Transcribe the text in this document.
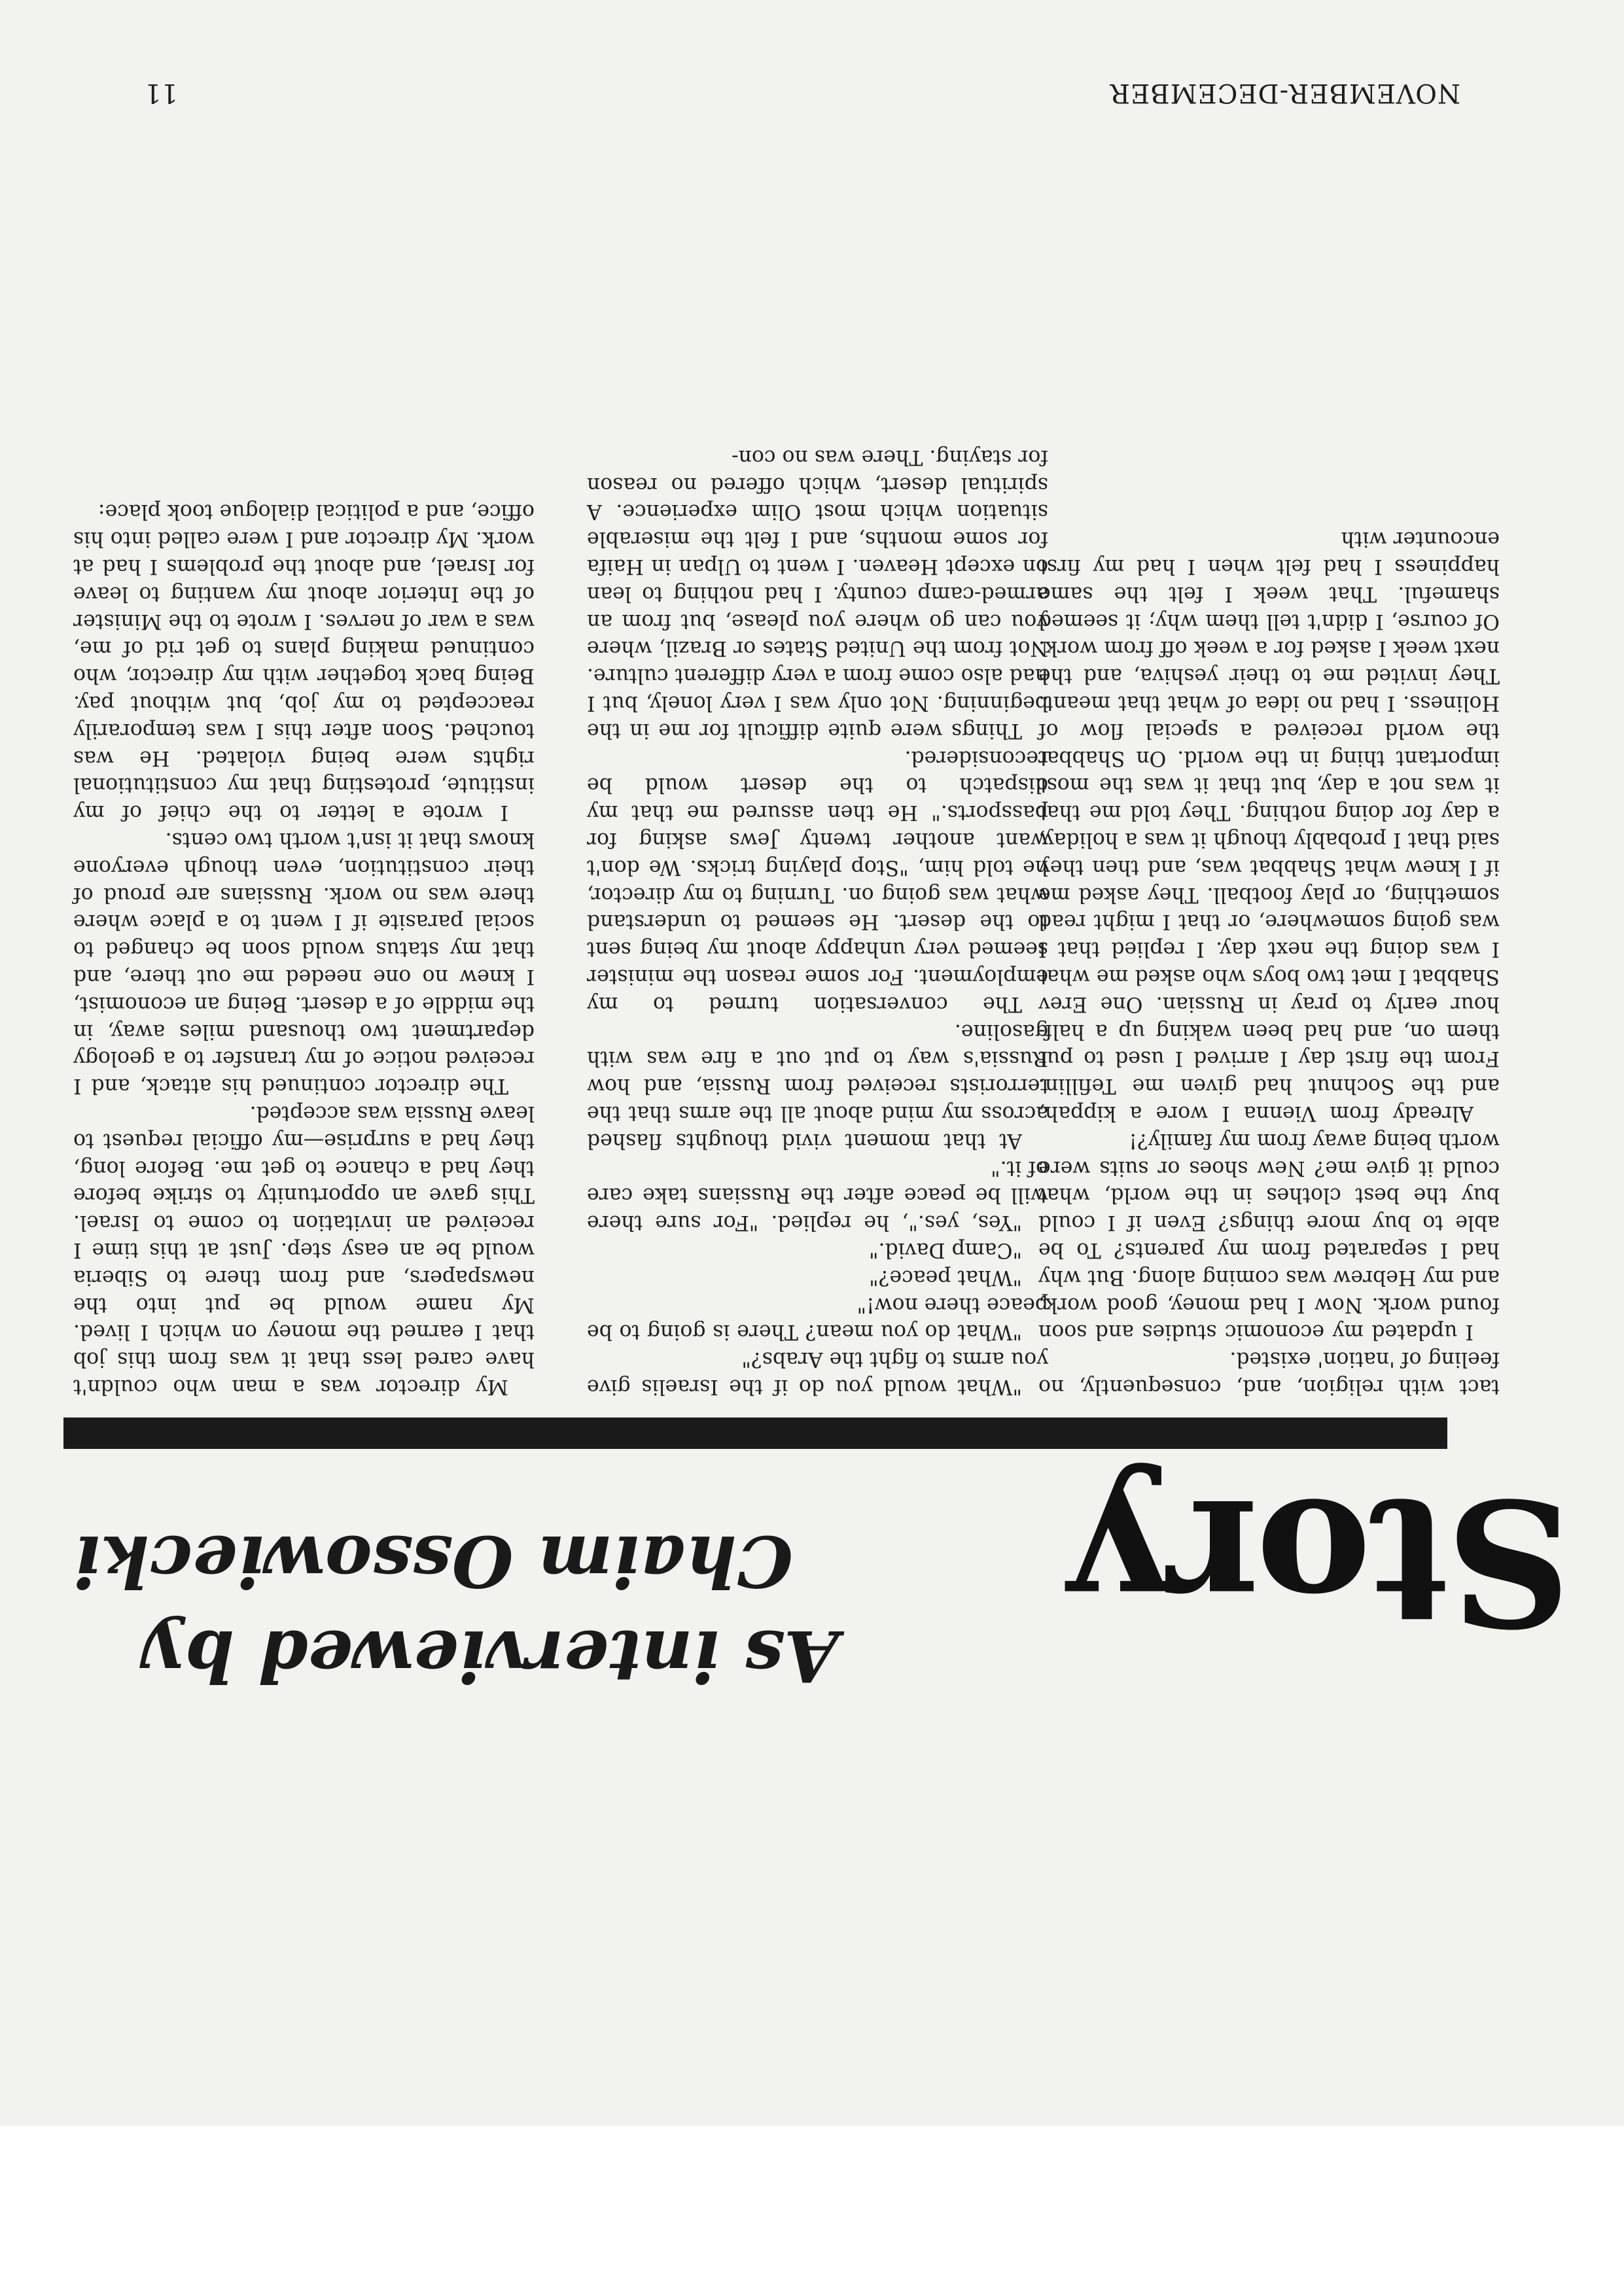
NOVEMBER-DECEMBER
11
Story
As interviewed by
Chaim Ossowiecki

My director was a man who couldn't have cared less that it was from this job that I earned the money on which I lived. My name would be put into the newspapers, and from there to Siberia would be an easy step. Just at this time I received an invitation to come to Israel. This gave an opportunity to strike before they had a chance to get me. Before long, they had a surprise—my official request to leave Russia was accepted.

The director continued his attack, and I received notice of my transfer to a geology department two thousand miles away, in the middle of a desert. Being an economist, I knew no one needed me out there, and that my status would soon be changed to social parasite if I went to a place where there was no work. Russians are proud of their constitution, even though everyone knows that it isn't worth two cents.

I wrote a letter to the chief of my institute, protesting that my constitutional rights were being violated. He was touched. Soon after this I was temporarily reaccepted to my job, but without pay. Being back together with my director, who continued making plans to get rid of me, was a war of nerves. I wrote to the Minister of the Interior about my wanting to leave for Israel, and about the problems I had at work. My director and I were called into his office, and a political dialogue took place:

"What would you do if the Israelis give you arms to fight the Arabs?"

"What do you mean? There is going to be peace there now!"

"What peace?"

"Camp David."

"Yes, yes.", he replied. "For sure there will be peace after the Russians take care of it."

At that moment vivid thoughts flashed across my mind about all the arms that the terrorists received from Russia, and how Russia's way to put out a fire was with gasoline.

The conversation turned to my employment. For some reason the minister seemed very unhappy about my being sent to the desert. He seemed to understand what was going on. Turning to my director, he told him, "Stop playing tricks. We don't want another twenty Jews asking for passports." He then assured me that my dispatch to the desert would be reconsidered.

Things were quite difficult for me in the beginning. Not only was I very lonely, but I had also come from a very different culture. Not from the United States or Brazil, where you can go where you please, but from an armed-camp county. I had nothing to lean on except Heaven. I went to Ulpan in Haifa for some months, and I felt the miserable situation which most Olim experience. A spiritual desert, which offered no reason for staying. There was no con-

tact with religion, and, consequently, no feeling of 'nation' existed.

I updated my economic studies and soon found work. Now I had money, good work, and my Hebrew was coming along. But why had I separated from my parents? To be able to buy more things? Even if I could buy the best clothes in the world, what could it give me? New shoes or suits were worth being away from my family?!

Already from Vienna I wore a kippah, and the Sochnut had given me Tefillin. From the first day I arrived I used to put them on, and had been waking up a half-hour early to pray in Russian. One Erev Shabbat I met two boys who asked me what I was doing the next day. I replied that I was going somewhere, or that I might read something, or play football. They asked me if I knew what Shabbat was, and then they said that I probably though it was a holiday, a day for doing nothing. They told me that it was not a day, but that it was the most important thing in the world. On Shabbat the world received a special flow of Holiness. I had no idea of what that meant. They invited me to their yeshiva, and the next week I asked for a week off from work. Of course, I didn't tell them why; it seemed shameful. That week I felt the same happiness I had felt when I had my first encounter with
